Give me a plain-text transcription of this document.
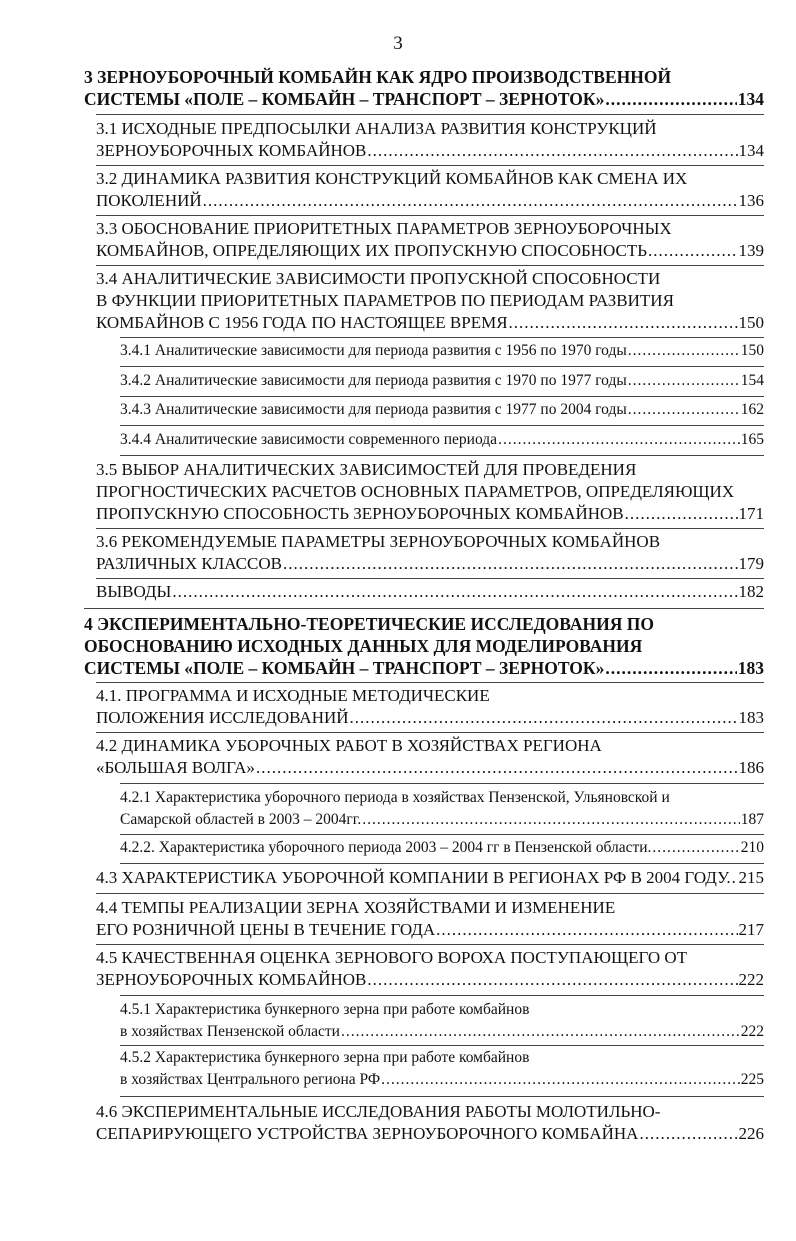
3
3 ЗЕРНОУБОРОЧНЫЙ КОМБАЙН КАК ЯДРО ПРОИЗВОДСТВЕННОЙ
СИСТЕМЫ «ПОЛЕ – КОМБАЙН – ТРАНСПОРТ – ЗЕРНОТОК» .....	134
3.1 ИСХОДНЫЕ ПРЕДПОСЫЛКИ АНАЛИЗА РАЗВИТИЯ КОНСТРУКЦИЙ
ЗЕРНОУБОРОЧНЫХ КОМБАЙНОВ .....	134
3.2 ДИНАМИКА РАЗВИТИЯ КОНСТРУКЦИЙ КОМБАЙНОВ КАК СМЕНА ИХ
ПОКОЛЕНИЙ .....	136
3.3 ОБОСНОВАНИЕ ПРИОРИТЕТНЫХ ПАРАМЕТРОВ ЗЕРНОУБОРОЧНЫХ
КОМБАЙНОВ, ОПРЕДЕЛЯЮЩИХ ИХ ПРОПУСКНУЮ СПОСОБНОСТЬ .....	139
3.4 АНАЛИТИЧЕСКИЕ ЗАВИСИМОСТИ ПРОПУСКНОЙ СПОСОБНОСТИ
В ФУНКЦИИ ПРИОРИТЕТНЫХ ПАРАМЕТРОВ ПО ПЕРИОДАМ РАЗВИТИЯ
КОМБАЙНОВ С 1956 ГОДА ПО НАСТОЯЩЕЕ ВРЕМЯ .....	150
3.4.1 Аналитические зависимости для периода развития с 1956 по 1970 годы .....	150
3.4.2 Аналитические зависимости для периода развития с 1970 по 1977 годы .....	154
3.4.3 Аналитические зависимости для периода развития с 1977 по 2004 годы .....	162
3.4.4 Аналитические зависимости современного периода .....	165
3.5 ВЫБОР АНАЛИТИЧЕСКИХ ЗАВИСИМОСТЕЙ ДЛЯ ПРОВЕДЕНИЯ
ПРОГНОСТИЧЕСКИХ РАСЧЕТОВ ОСНОВНЫХ ПАРАМЕТРОВ, ОПРЕДЕЛЯЮЩИХ
ПРОПУСКНУЮ СПОСОБНОСТЬ ЗЕРНОУБОРОЧНЫХ КОМБАЙНОВ .....	171
3.6 РЕКОМЕНДУЕМЫЕ ПАРАМЕТРЫ ЗЕРНОУБОРОЧНЫХ КОМБАЙНОВ
РАЗЛИЧНЫХ КЛАССОВ .....	179
ВЫВОДЫ .....	182
4 ЭКСПЕРИМЕНТАЛЬНО-ТЕОРЕТИЧЕСКИЕ ИССЛЕДОВАНИЯ ПО
ОБОСНОВАНИЮ ИСХОДНЫХ ДАННЫХ ДЛЯ МОДЕЛИРОВАНИЯ
СИСТЕМЫ «ПОЛЕ – КОМБАЙН – ТРАНСПОРТ – ЗЕРНОТОК» .....	183
4.1. ПРОГРАММА И ИСХОДНЫЕ МЕТОДИЧЕСКИЕ
ПОЛОЖЕНИЯ ИССЛЕДОВАНИЙ .....	183
4.2 ДИНАМИКА УБОРОЧНЫХ РАБОТ В ХОЗЯЙСТВАХ РЕГИОНА
«БОЛЬШАЯ ВОЛГА» .....	186
4.2.1 Характеристика уборочного периода в хозяйствах Пензенской, Ульяновской и
Самарской областей в 2003 – 2004гг. .....	187
4.2.2. Характеристика уборочного периода 2003 – 2004 гг в Пензенской области. .....	210
4.3 ХАРАКТЕРИСТИКА УБОРОЧНОЙ КОМПАНИИ В РЕГИОНАХ РФ В 2004 ГОДУ. ..... 215
4.4 ТЕМПЫ РЕАЛИЗАЦИИ ЗЕРНА ХОЗЯЙСТВАМИ И ИЗМЕНЕНИЕ
ЕГО РОЗНИЧНОЙ ЦЕНЫ В ТЕЧЕНИЕ ГОДА .....	217
4.5 КАЧЕСТВЕННАЯ ОЦЕНКА ЗЕРНОВОГО ВОРОХА ПОСТУПАЮЩЕГО ОТ
ЗЕРНОУБОРОЧНЫХ КОМБАЙНОВ .....	222
4.5.1 Характеристика бункерного зерна при работе комбайнов
в хозяйствах Пензенской области .....	222
4.5.2 Характеристика бункерного зерна при работе комбайнов
в хозяйствах Центрального региона РФ .....	225
4.6 ЭКСПЕРИМЕНТАЛЬНЫЕ ИССЛЕДОВАНИЯ РАБОТЫ МОЛОТИЛЬНО-
СЕПАРИРУЮЩЕГО УСТРОЙСТВА ЗЕРНОУБОРОЧНОГО КОМБАЙНА .....	226
